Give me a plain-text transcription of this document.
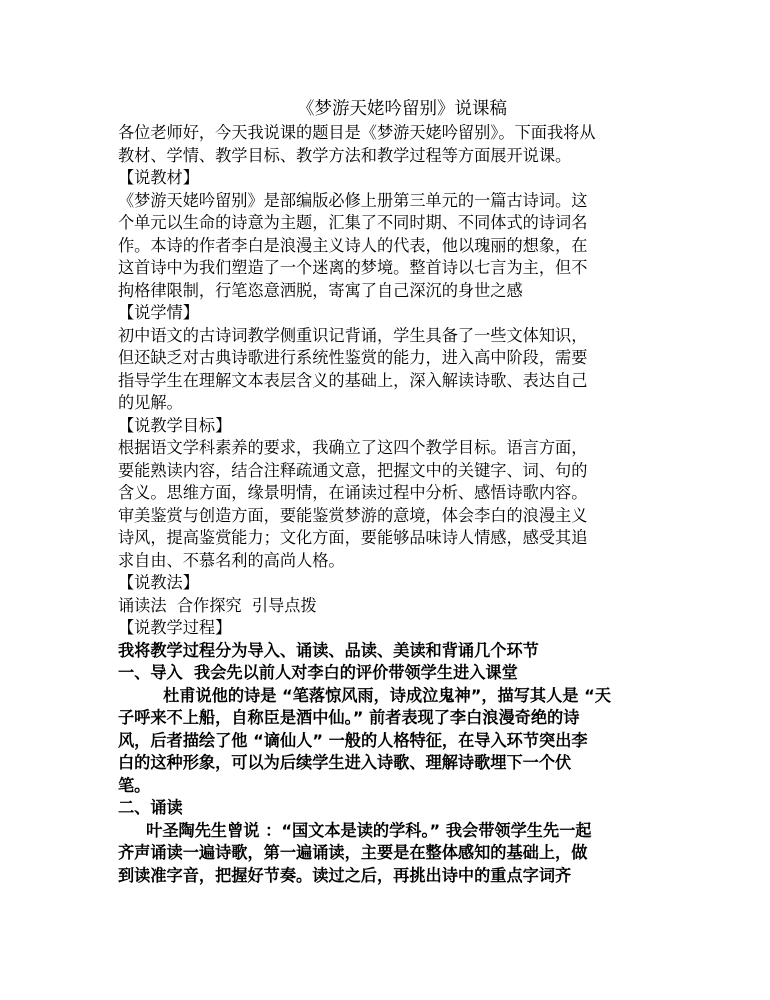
《梦游天姥吟留别》说课稿
各位老师好，今天我说课的题目是《梦游天姥吟留别》。下面我将从
教材、学情、教学目标、教学方法和教学过程等方面展开说课。
【说教材】
《梦游天姥吟留别》是部编版必修上册第三单元的一篇古诗词。这
个单元以生命的诗意为主题，汇集了不同时期、不同体式的诗词名
作。本诗的作者李白是浪漫主义诗人的代表，他以瑰丽的想象，在
这首诗中为我们塑造了一个迷离的梦境。整首诗以七言为主，但不
拘格律限制，行笔恣意洒脱，寄寓了自己深沉的身世之感
【说学情】
初中语文的古诗词教学侧重识记背诵，学生具备了一些文体知识，
但还缺乏对古典诗歌进行系统性鉴赏的能力，进入高中阶段，需要
指导学生在理解文本表层含义的基础上，深入解读诗歌、表达自己
的见解。
【说教学目标】
根据语文学科素养的要求，我确立了这四个教学目标。语言方面，
要能熟读内容，结合注释疏通文意，把握文中的关键字、词、句的
含义。思维方面，缘景明情，在诵读过程中分析、感悟诗歌内容。
审美鉴赏与创造方面，要能鉴赏梦游的意境，体会李白的浪漫主义
诗风，提高鉴赏能力；文化方面，要能够品味诗人情感，感受其追
求自由、不慕名利的高尚人格。
【说教法】
诵读法  合作探究  引导点拨
【说教学过程】
我将教学过程分为导入、诵读、品读、美读和背诵几个环节
一、导入  我会先以前人对李白的评价带领学生进入课堂
杜甫说他的诗是 “笔落惊风雨，诗成泣鬼神”，描写其人是 “天
子呼来不上船，自称臣是酒中仙。” 前者表现了李白浪漫奇绝的诗
风，后者描绘了他 “谪仙人” 一般的人格特征，在导入环节突出李
白的这种形象，可以为后续学生进入诗歌、理解诗歌埋下一个伏
笔。
二、诵读
叶圣陶先生曾说 ：“国文本是读的学科。” 我会带领学生先一起
齐声诵读一遍诗歌，第一遍诵读，主要是在整体感知的基础上，做
到读准字音，把握好节奏。读过之后，再挑出诗中的重点字词齐
